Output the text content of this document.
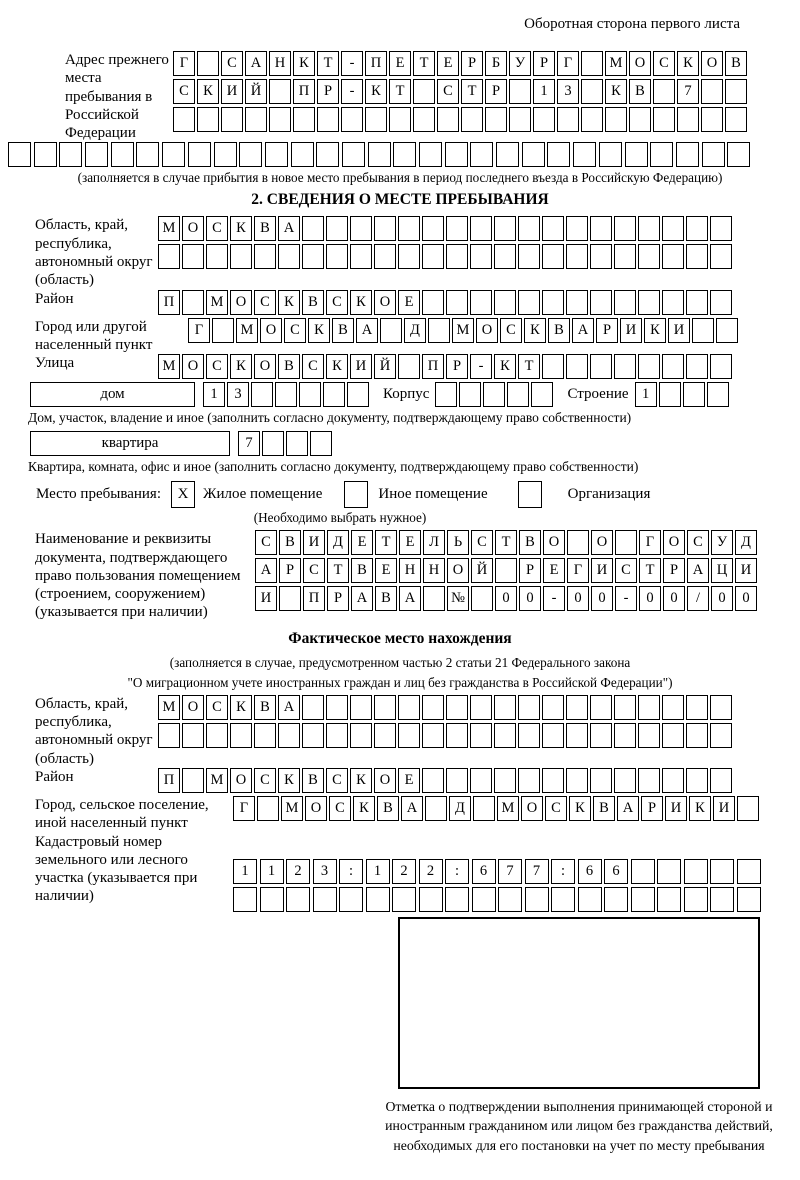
Оборотная сторона первого листа
Адрес прежнего места пребывания в Российской Федерации
Г	С А Н К	Т	-	П Е	Т	Е	Р	Б	У	Р	Г	М О С К О В
С К И Й	П	Р	-	К	Т	С	Т	Р	1	3	К В	7
(заполняется в случае прибытия в новое место пребывания в период последнего въезда в Российскую Федерацию)
2. СВЕДЕНИЯ О МЕСТЕ ПРЕБЫВАНИЯ
Область, край, республика, автономный округ (область)
М О С К В А
Район	П	М О С К В С К О Е
Город или другой населенный пункт
Г	М О С К В А	Д	М О С К В А	Р	И К И
Улица	М О С К О В С К И Й	П	Р	-	К	Т
дом	1	3	Корпус	Строение 1
Дом, участок, владение и иное (заполнить согласно документу, подтверждающему право собственности)
квартира	7
Квартира, комната, офис и иное (заполнить согласно документу, подтверждающему право собственности)
Место пребывания:	X Жилое помещение	Иное помещение	Организация
(Необходимо выбрать нужное)
Наименование и реквизиты документа, подтверждающего право пользования помещением (строением, сооружением) (указывается при наличии)
С В И Д	Е	Т	Е	Л	Ь	С	Т	В О	О	Г	О С У Д
А	Р	С	Т	В	Е Н Н О Й	Р	Е	Г	И С	Т	Р	А Ц И
И	П	Р	А В А	№	0	0	-	0	0	-	0	0	/	0	0
Фактическое место нахождения
(заполняется в случае, предусмотренном частью 2 статьи 21 Федерального закона
"О миграционном учете иностранных граждан и лиц без гражданства в Российской Федерации")
Область, край, республика, автономный округ (область)
М О С К В А
Район	П	М О С К В С К О Е
Город, сельское поселение, иной населенный пункт
Г	М О С К В А	Д	М О С К В А	Р	И К И
Кадастровый номер земельного или лесного участка (указывается при наличии)
1	1	2	3	:	1	2	2	:	6	7	7	:	6	6
Отметка о подтверждении выполнения принимающей стороной и иностранным гражданином или лицом без гражданства действий, необходимых для его постановки на учет по месту пребывания
